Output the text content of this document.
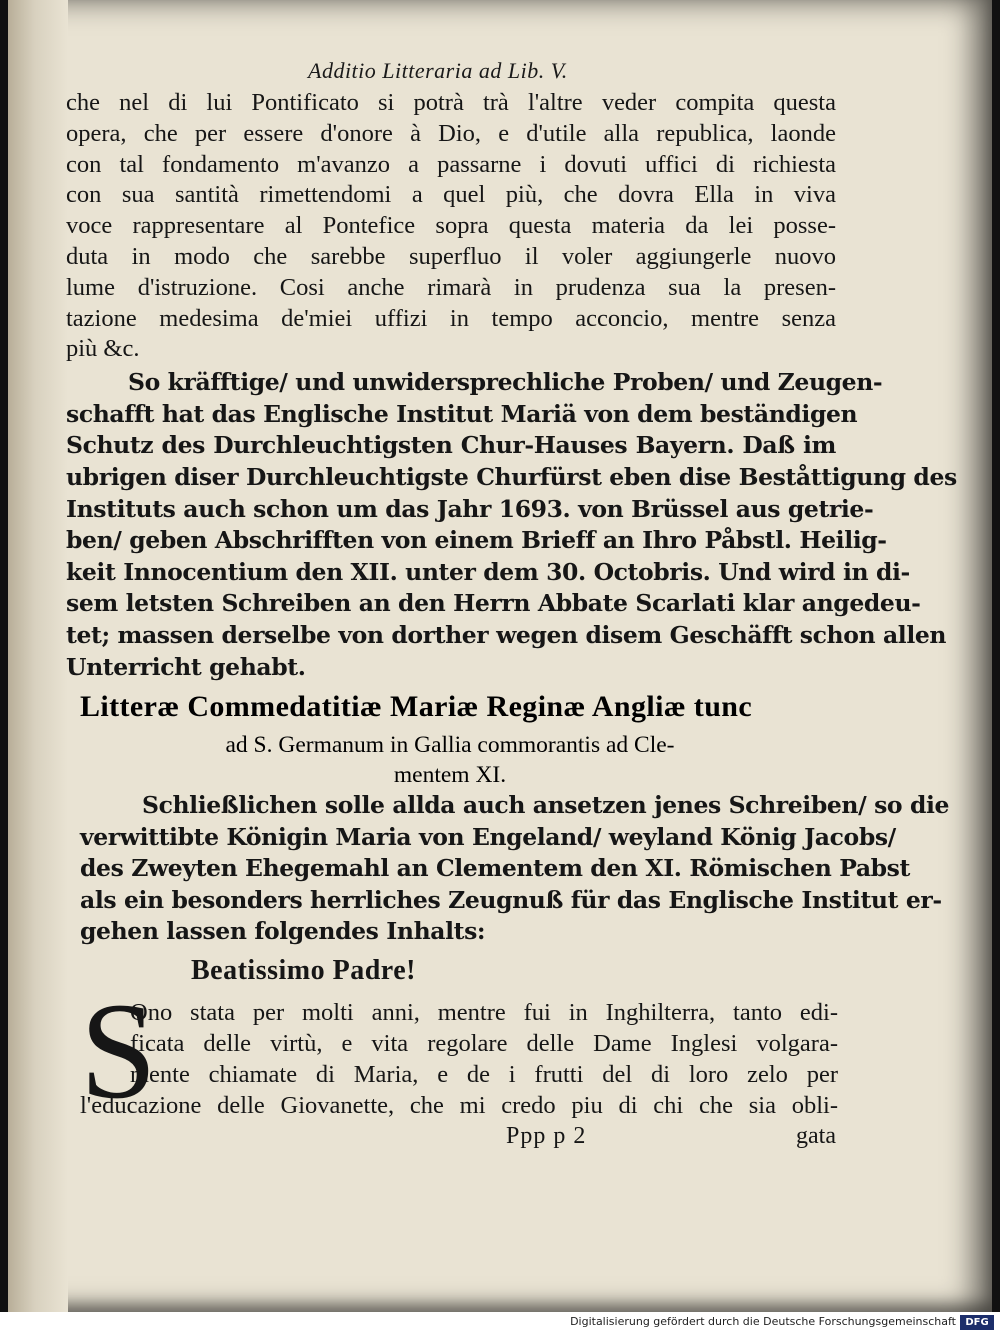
Additio Litteraria ad Lib. V.
che nel di lui Pontificato si potrà trà l'altre veder compita questa
opera, che per essere d'onore à Dio, e d'utile alla republica, laonde
con tal fondamento m'avanzo a passarne i dovuti uffici di richiesta
con sua santità rimettendomi a quel più, che dovra Ella in viva
voce rappresentare al Pontefice sopra questa materia da lei posse-
duta in modo che sarebbe superfluo il voler aggiungerle nuovo
lume d'istruzione. Cosi anche rimarà in prudenza sua la presen-
tazione medesima de'miei uffizi in tempo acconcio, mentre senza
più &c.
So kräfftige/ und unwidersprechliche Proben/ und Zeugen-
schafft hat das Englische Institut Mariä von dem beständigen
Schutz des Durchleuchtigsten Chur-Hauses Bayern. Daß im
ubrigen diser Durchleuchtigste Churfürst eben dise Beståttigung des
Instituts auch schon um das Jahr 1693. von Brüssel aus getrie-
ben/ geben Abschrifften von einem Brieff an Ihro Påbstl. Heilig-
keit Innocentium den XII. unter dem 30. Octobris. Und wird in di-
sem letsten Schreiben an den Herrn Abbate Scarlati klar angedeu-
tet; massen derselbe von dorther wegen disem Geschäfft schon allen
Unterricht gehabt.
Litteræ Commedatitiæ Mariæ Reginæ Angliæ tunc
ad S. Germanum in Gallia commorantis ad Cle-
mentem XI.
Schließlichen solle allda auch ansetzen jenes Schreiben/ so die
verwittibte Königin Maria von Engeland/ weyland König Jacobs/
des Zweyten Ehegemahl an Clementem den XI. Römischen Pabst
als ein besonders herrliches Zeugnuß für das Englische Institut er-
gehen lassen folgendes Inhalts:
Beatissimo Padre!
S
Ono stata per molti anni, mentre fui in Inghilterra, tanto edi-
ficata delle virtù, e vita regolare delle Dame Inglesi volgara-
mente chiamate di Maria, e de i frutti del di loro zelo per
l'educazione delle Giovanette, che mi credo piu di chi che sia obli-
Ppp p 2	gata
Digitalisierung gefördert durch die Deutsche Forschungsgemeinschaft DFG
